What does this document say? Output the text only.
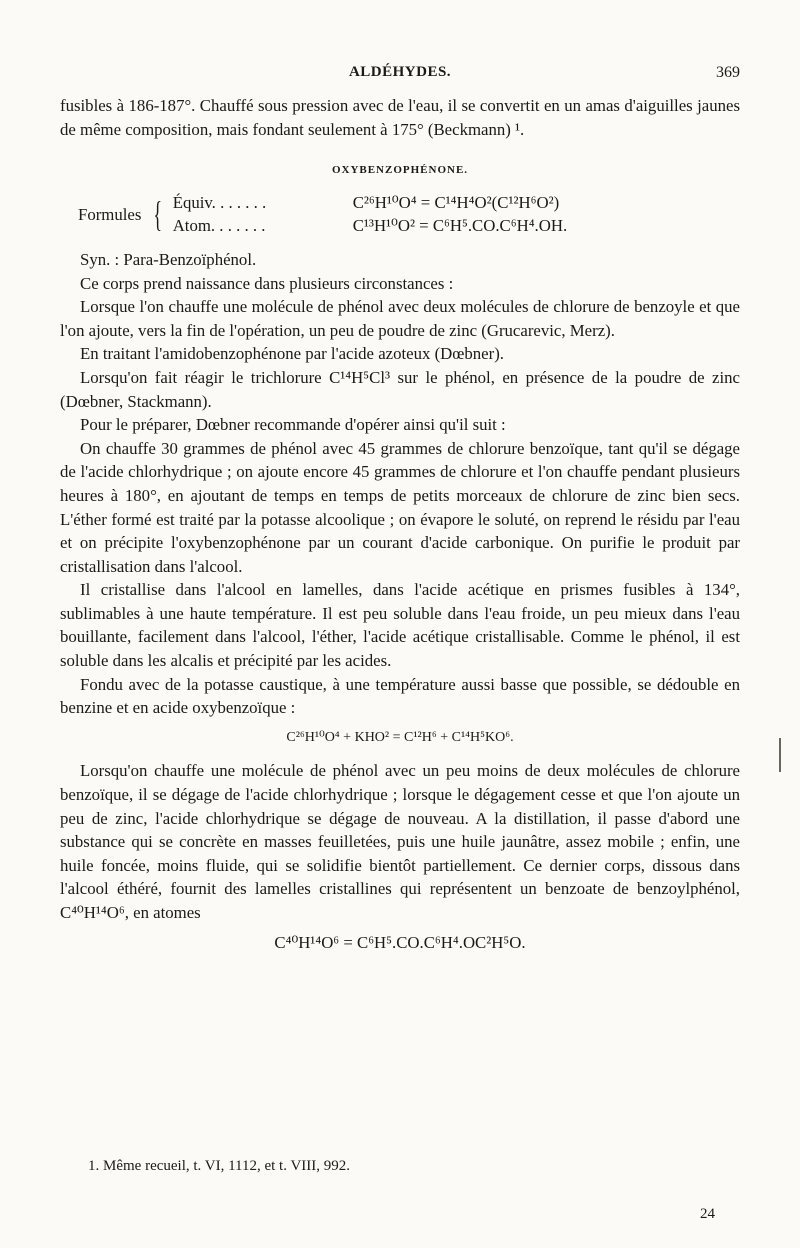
ALDÉHYDES.	369

fusibles à 186-187°. Chauffé sous pression avec de l'eau, il se convertit en un amas d'aiguilles jaunes de même composition, mais fondant seulement à 175° (Beckmann) ¹.

OXYBENZOPHÉNONE.
Formules { Équiv. . . . . . .	C²⁶H¹⁰O⁴ = C¹⁴H⁴O²(C¹²H⁶O²)
Atom. . . . . . .	C¹³H¹⁰O² = C⁶H⁵.CO.C⁶H⁴.OH.

Syn. : Para-Benzoïphénol.

Ce corps prend naissance dans plusieurs circonstances :

Lorsque l'on chauffe une molécule de phénol avec deux molécules de chlorure de benzoyle et que l'on ajoute, vers la fin de l'opération, un peu de poudre de zinc (Grucarevic, Merz).

En traitant l'amidobenzophénone par l'acide azoteux (Dœbner).

Lorsqu'on fait réagir le trichlorure C¹⁴H⁵Cl³ sur le phénol, en présence de la poudre de zinc (Dœbner, Stackmann).

Pour le préparer, Dœbner recommande d'opérer ainsi qu'il suit :

On chauffe 30 grammes de phénol avec 45 grammes de chlorure benzoïque, tant qu'il se dégage de l'acide chlorhydrique ; on ajoute encore 45 grammes de chlorure et l'on chauffe pendant plusieurs heures à 180°, en ajoutant de temps en temps de petits morceaux de chlorure de zinc bien secs. L'éther formé est traité par la potasse alcoolique ; on évapore le soluté, on reprend le résidu par l'eau et on précipite l'oxybenzophénone par un courant d'acide carbonique. On purifie le produit par cristallisation dans l'alcool.

Il cristallise dans l'alcool en lamelles, dans l'acide acétique en prismes fusibles à 134°, sublimables à une haute température. Il est peu soluble dans l'eau froide, un peu mieux dans l'eau bouillante, facilement dans l'alcool, l'éther, l'acide acétique cristallisable. Comme le phénol, il est soluble dans les alcalis et précipité par les acides.

Fondu avec de la potasse caustique, à une température aussi basse que possible, se dédouble en benzine et en acide oxybenzoïque :

C²⁶H¹⁰O⁴ + KHO² = C¹²H⁶ + C¹⁴H⁵KO⁶.

Lorsqu'on chauffe une molécule de phénol avec un peu moins de deux molécules de chlorure benzoïque, il se dégage de l'acide chlorhydrique ; lorsque le dégagement cesse et que l'on ajoute un peu de zinc, l'acide chlorhydrique se dégage de nouveau. A la distillation, il passe d'abord une substance qui se concrète en masses feuilletées, puis une huile jaunâtre, assez mobile ; enfin, une huile foncée, moins fluide, qui se solidifie bientôt partiellement. Ce dernier corps, dissous dans l'alcool éthéré, fournit des lamelles cristallines qui représentent un benzoate de benzoylphénol, C⁴⁰H¹⁴O⁶, en atomes

C⁴⁰H¹⁴O⁶ = C⁶H⁵.CO.C⁶H⁴.OC²H⁵O.
1. Même recueil, t. VI, 1112, et t. VIII, 992.
24
